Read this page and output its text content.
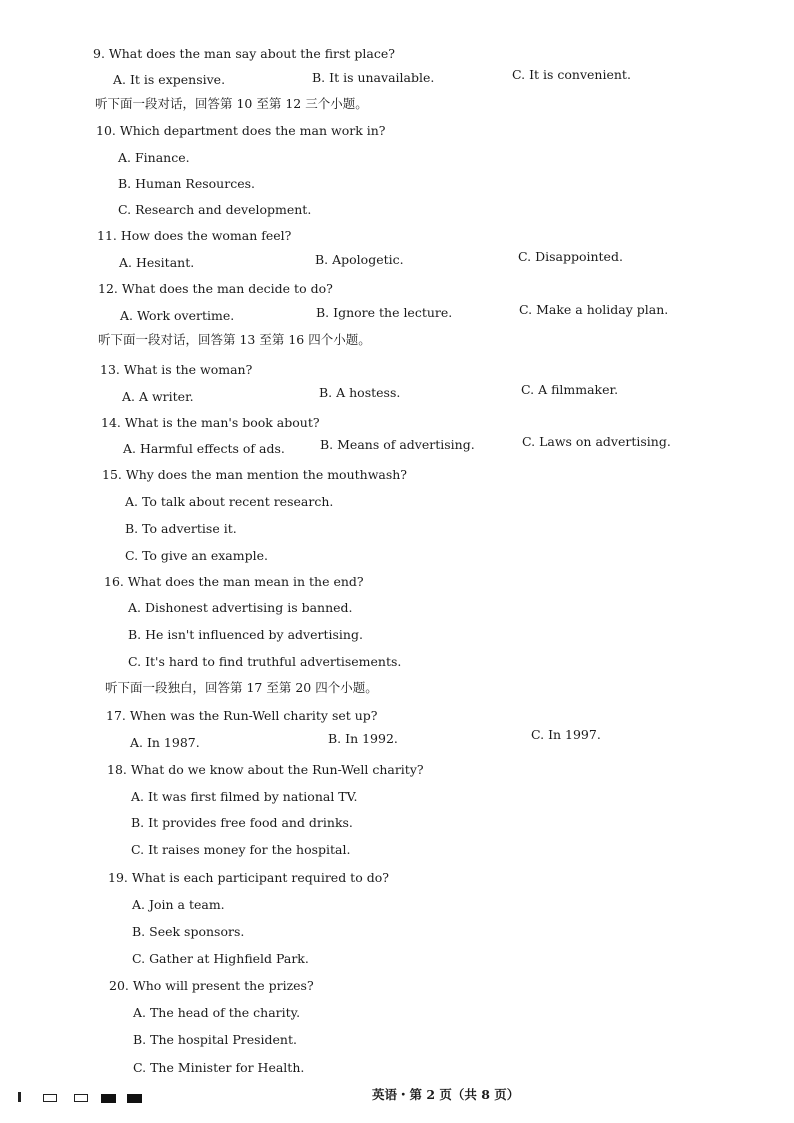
9. What does the man say about the first place?
A. It is expensive.	B. It is unavailable.	C. It is convenient.
听下面一段对话，回答第 10 至第 12 三个小题。
10. Which department does the man work in?
A. Finance.
B. Human Resources.
C. Research and development.
11. How does the woman feel?
A. Hesitant.	B. Apologetic.	C. Disappointed.
12. What does the man decide to do?
A. Work overtime.	B. Ignore the lecture.	C. Make a holiday plan.
听下面一段对话，回答第 13 至第 16 四个小题。
13. What is the woman?
A. A writer.	B. A hostess.	C. A filmmaker.
14. What is the man's book about?
A. Harmful effects of ads.	B. Means of advertising.	C. Laws on advertising.
15. Why does the man mention the mouthwash?
A. To talk about recent research.
B. To advertise it.
C. To give an example.
16. What does the man mean in the end?
A. Dishonest advertising is banned.
B. He isn't influenced by advertising.
C. It's hard to find truthful advertisements.
听下面一段独白，回答第 17 至第 20 四个小题。
17. When was the Run-Well charity set up?
A. In 1987.	B. In 1992.	C. In 1997.
18. What do we know about the Run-Well charity?
A. It was first filmed by national TV.
B. It provides free food and drinks.
C. It raises money for the hospital.
19. What is each participant required to do?
A. Join a team.
B. Seek sponsors.
C. Gather at Highfield Park.
20. Who will present the prizes?
A. The head of the charity.
B. The hospital President.
C. The Minister for Health.
英语・第 2 页（共 8 页）
